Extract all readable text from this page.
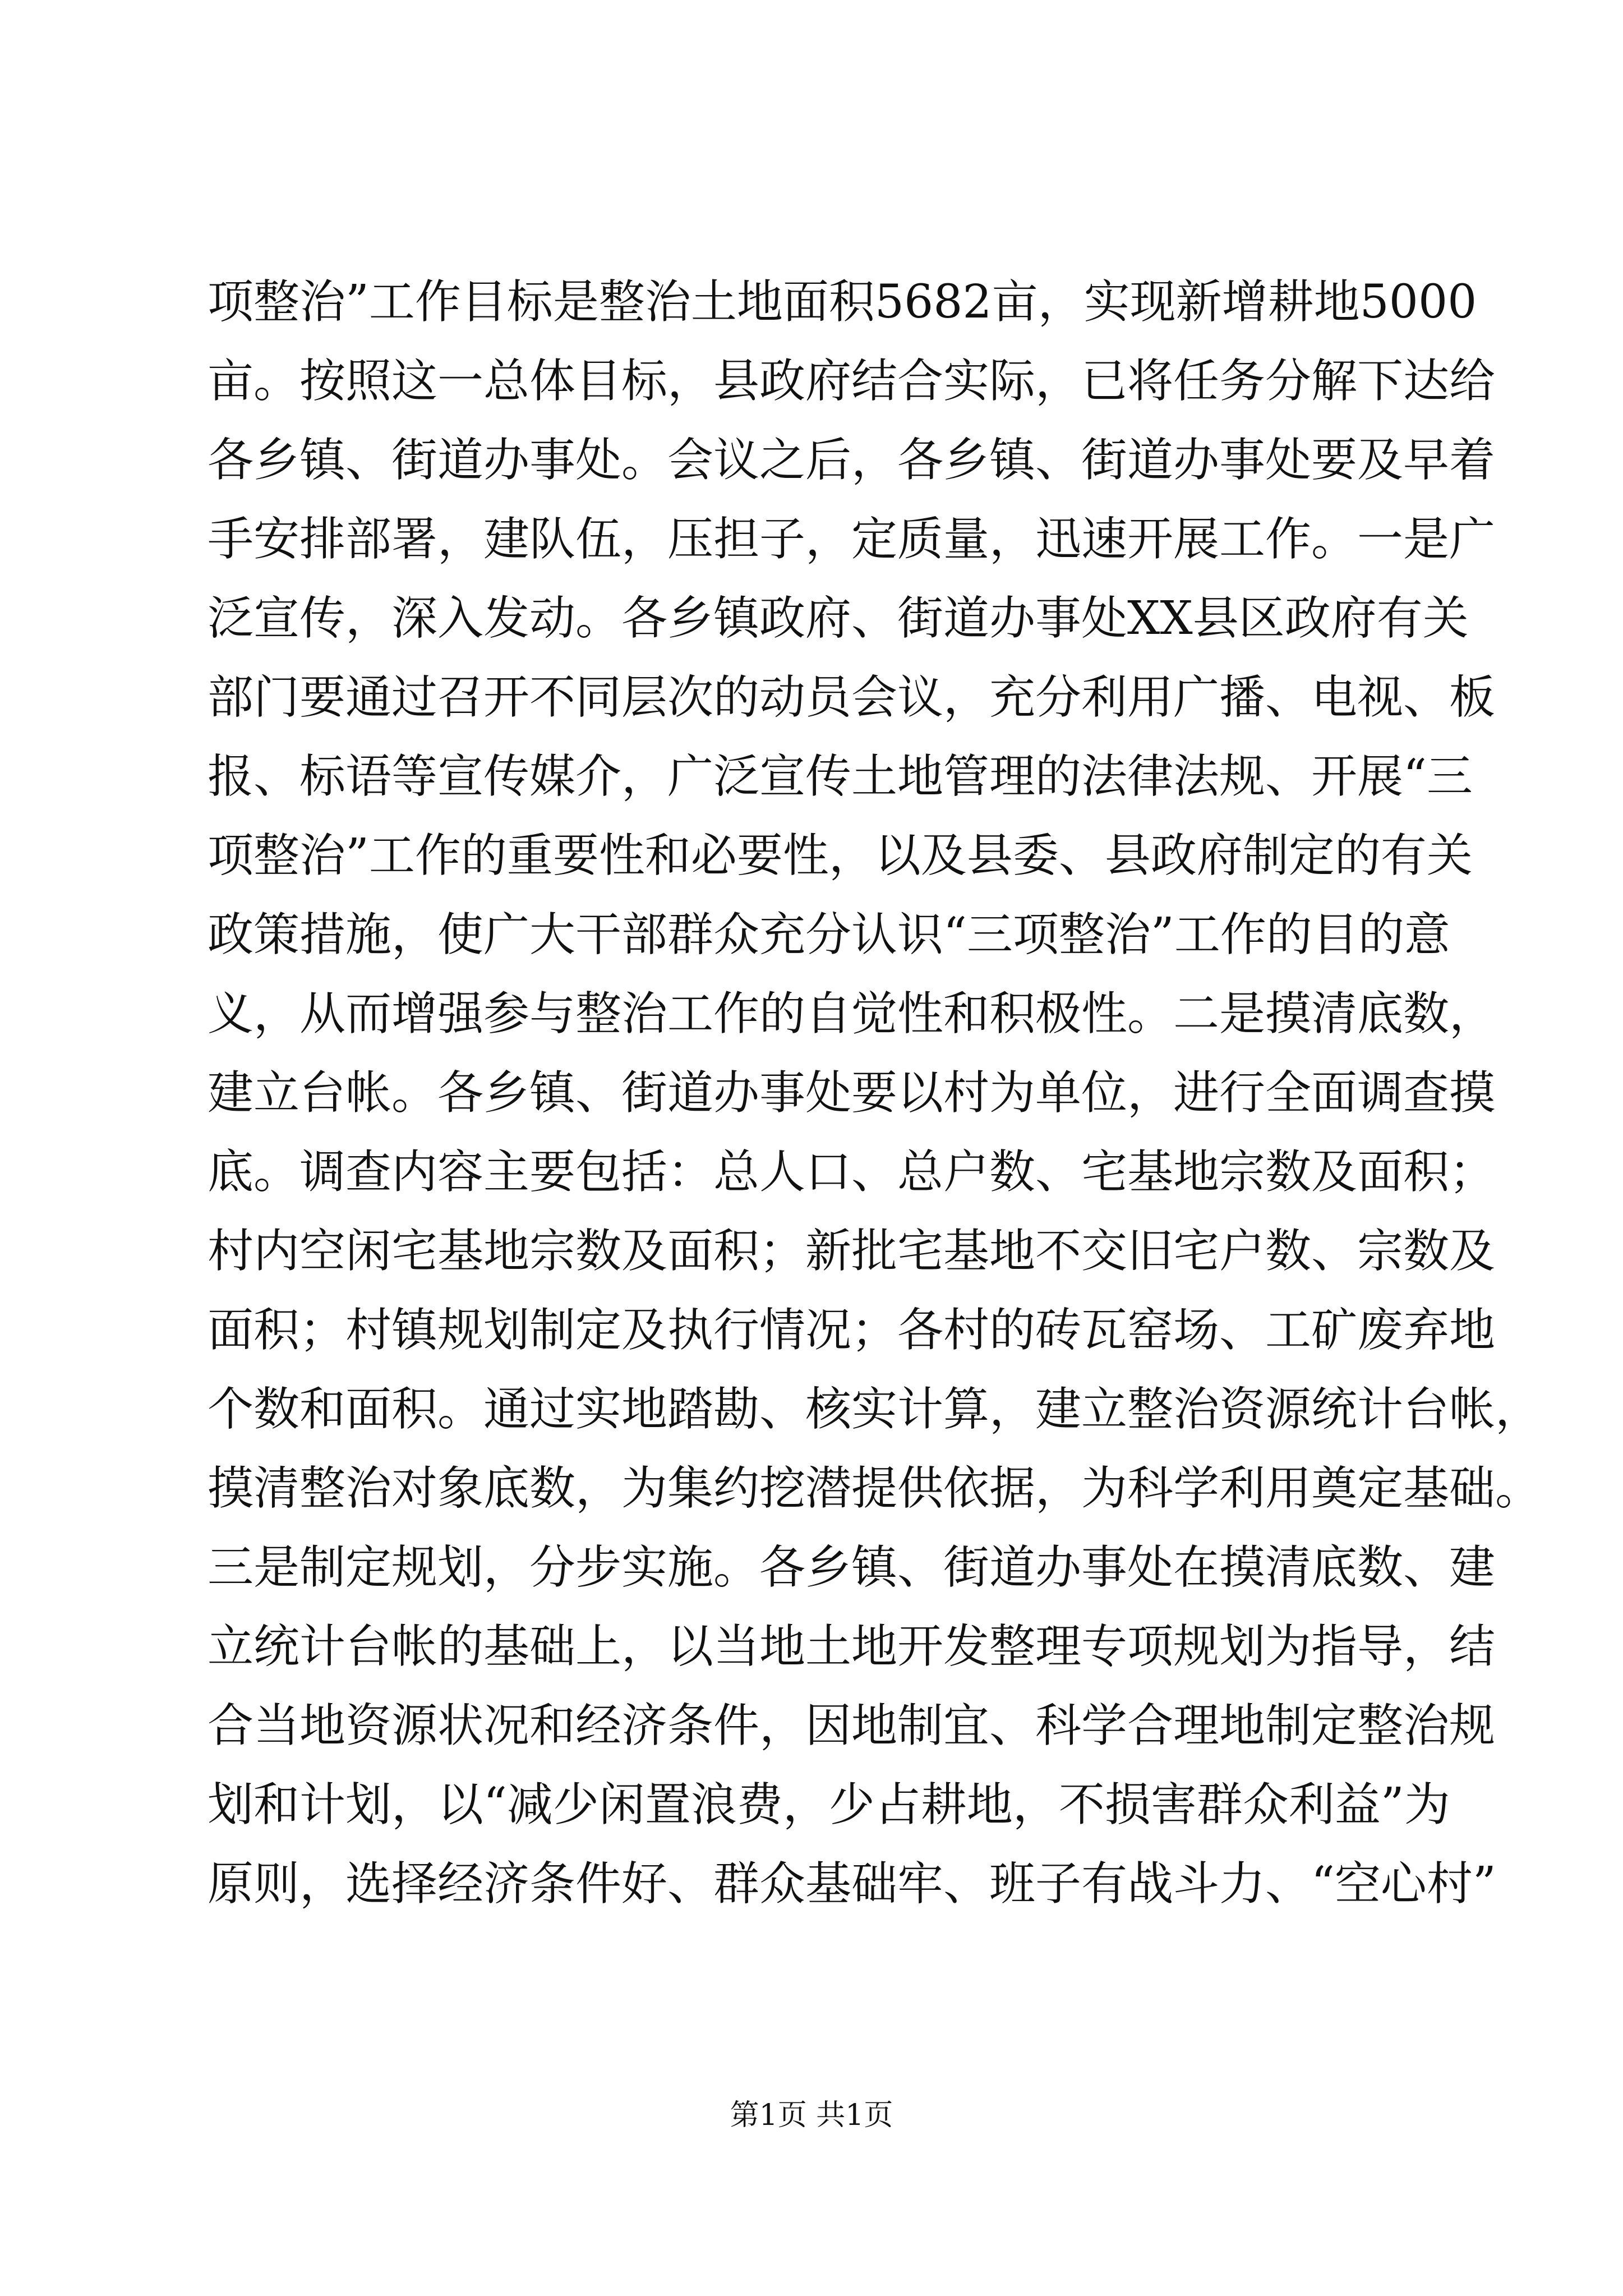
项整治”工作目标是整治土地面积5682亩，实现新增耕地5000
亩。按照这一总体目标，县政府结合实际，已将任务分解下达给
各乡镇、街道办事处。会议之后，各乡镇、街道办事处要及早着
手安排部署，建队伍，压担子，定质量，迅速开展工作。一是广
泛宣传，深入发动。各乡镇政府、街道办事处XX县区政府有关
部门要通过召开不同层次的动员会议，充分利用广播、电视、板
报、标语等宣传媒介，广泛宣传土地管理的法律法规、开展“三
项整治”工作的重要性和必要性，以及县委、县政府制定的有关
政策措施，使广大干部群众充分认识“三项整治”工作的目的意
义，从而增强参与整治工作的自觉性和积极性。二是摸清底数，
建立台帐。各乡镇、街道办事处要以村为单位，进行全面调查摸
底。调查内容主要包括：总人口、总户数、宅基地宗数及面积；
村内空闲宅基地宗数及面积；新批宅基地不交旧宅户数、宗数及
面积；村镇规划制定及执行情况；各村的砖瓦窑场、工矿废弃地
个数和面积。通过实地踏勘、核实计算，建立整治资源统计台帐，
摸清整治对象底数，为集约挖潜提供依据，为科学利用奠定基础。
三是制定规划，分步实施。各乡镇、街道办事处在摸清底数、建
立统计台帐的基础上，以当地土地开发整理专项规划为指导，结
合当地资源状况和经济条件，因地制宜、科学合理地制定整治规
划和计划，以“减少闲置浪费，少占耕地，不损害群众利益”为
原则，选择经济条件好、群众基础牢、班子有战斗力、“空心村”
第1页 共1页
